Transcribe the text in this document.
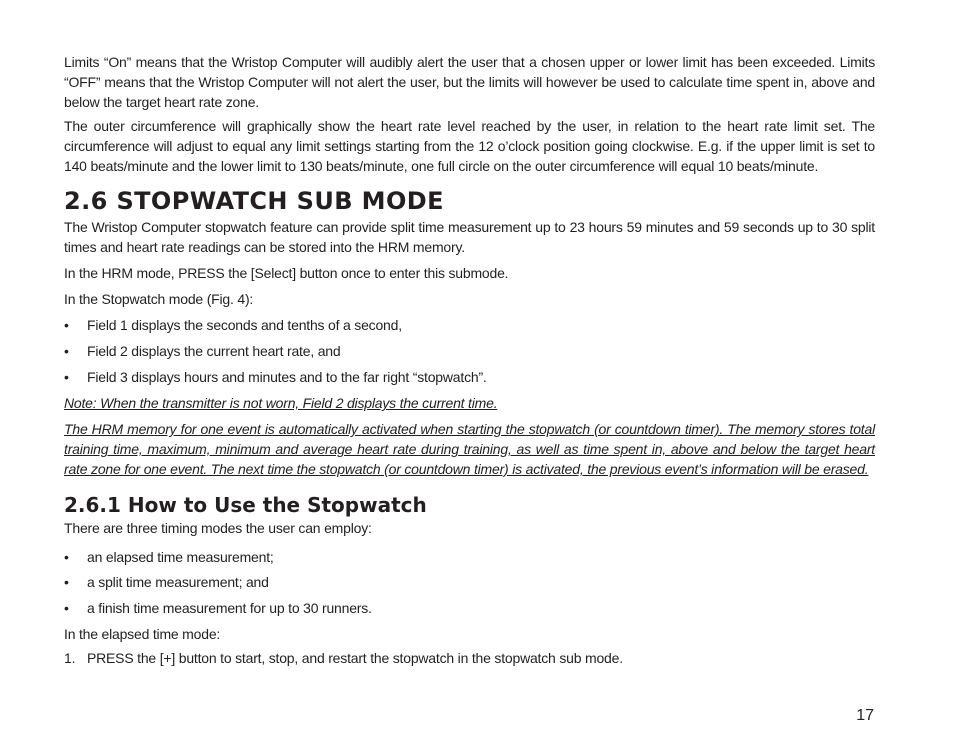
Limits “On” means that the Wristop Computer will audibly alert the user that a chosen upper or lower limit has been exceeded. Limits “OFF” means that the Wristop Computer will not alert the user, but the limits will however be used to calculate time spent in, above and below the target heart rate zone.

The outer circumference will graphically show the heart rate level reached by the user, in relation to the heart rate limit set. The circumference will adjust to equal any limit settings starting from the 12 o’clock position going clockwise. E.g. if the upper limit is set to 140 beats/minute and the lower limit to 130 beats/minute, one full circle on the outer circumference will equal 10 beats/minute.

2.6 STOPWATCH SUB MODE

The Wristop Computer stopwatch feature can provide split time measurement up to 23 hours 59 minutes and 59 seconds up to 30 split times and heart rate readings can be stored into the HRM memory.

In the HRM mode, PRESS the [Select] button once to enter this submode.

In the Stopwatch mode (Fig. 4):

• Field 1 displays the seconds and tenths of a second,
• Field 2 displays the current heart rate, and
• Field 3 displays hours and minutes and to the far right “stopwatch”.

Note: When the transmitter is not worn, Field 2 displays the current time.

The HRM memory for one event is automatically activated when starting the stopwatch (or countdown timer). The memory stores total training time, maximum, minimum and average heart rate during training, as well as time spent in, above and below the target heart rate zone for one event. The next time the stopwatch (or countdown timer) is activated, the previous event’s information will be erased.

2.6.1 How to Use the Stopwatch

There are three timing modes the user can employ:

• an elapsed time measurement;
• a split time measurement; and
• a finish time measurement for up to 30 runners.

In the elapsed time mode:

1. PRESS the [+] button to start, stop, and restart the stopwatch in the stopwatch sub mode.
17
